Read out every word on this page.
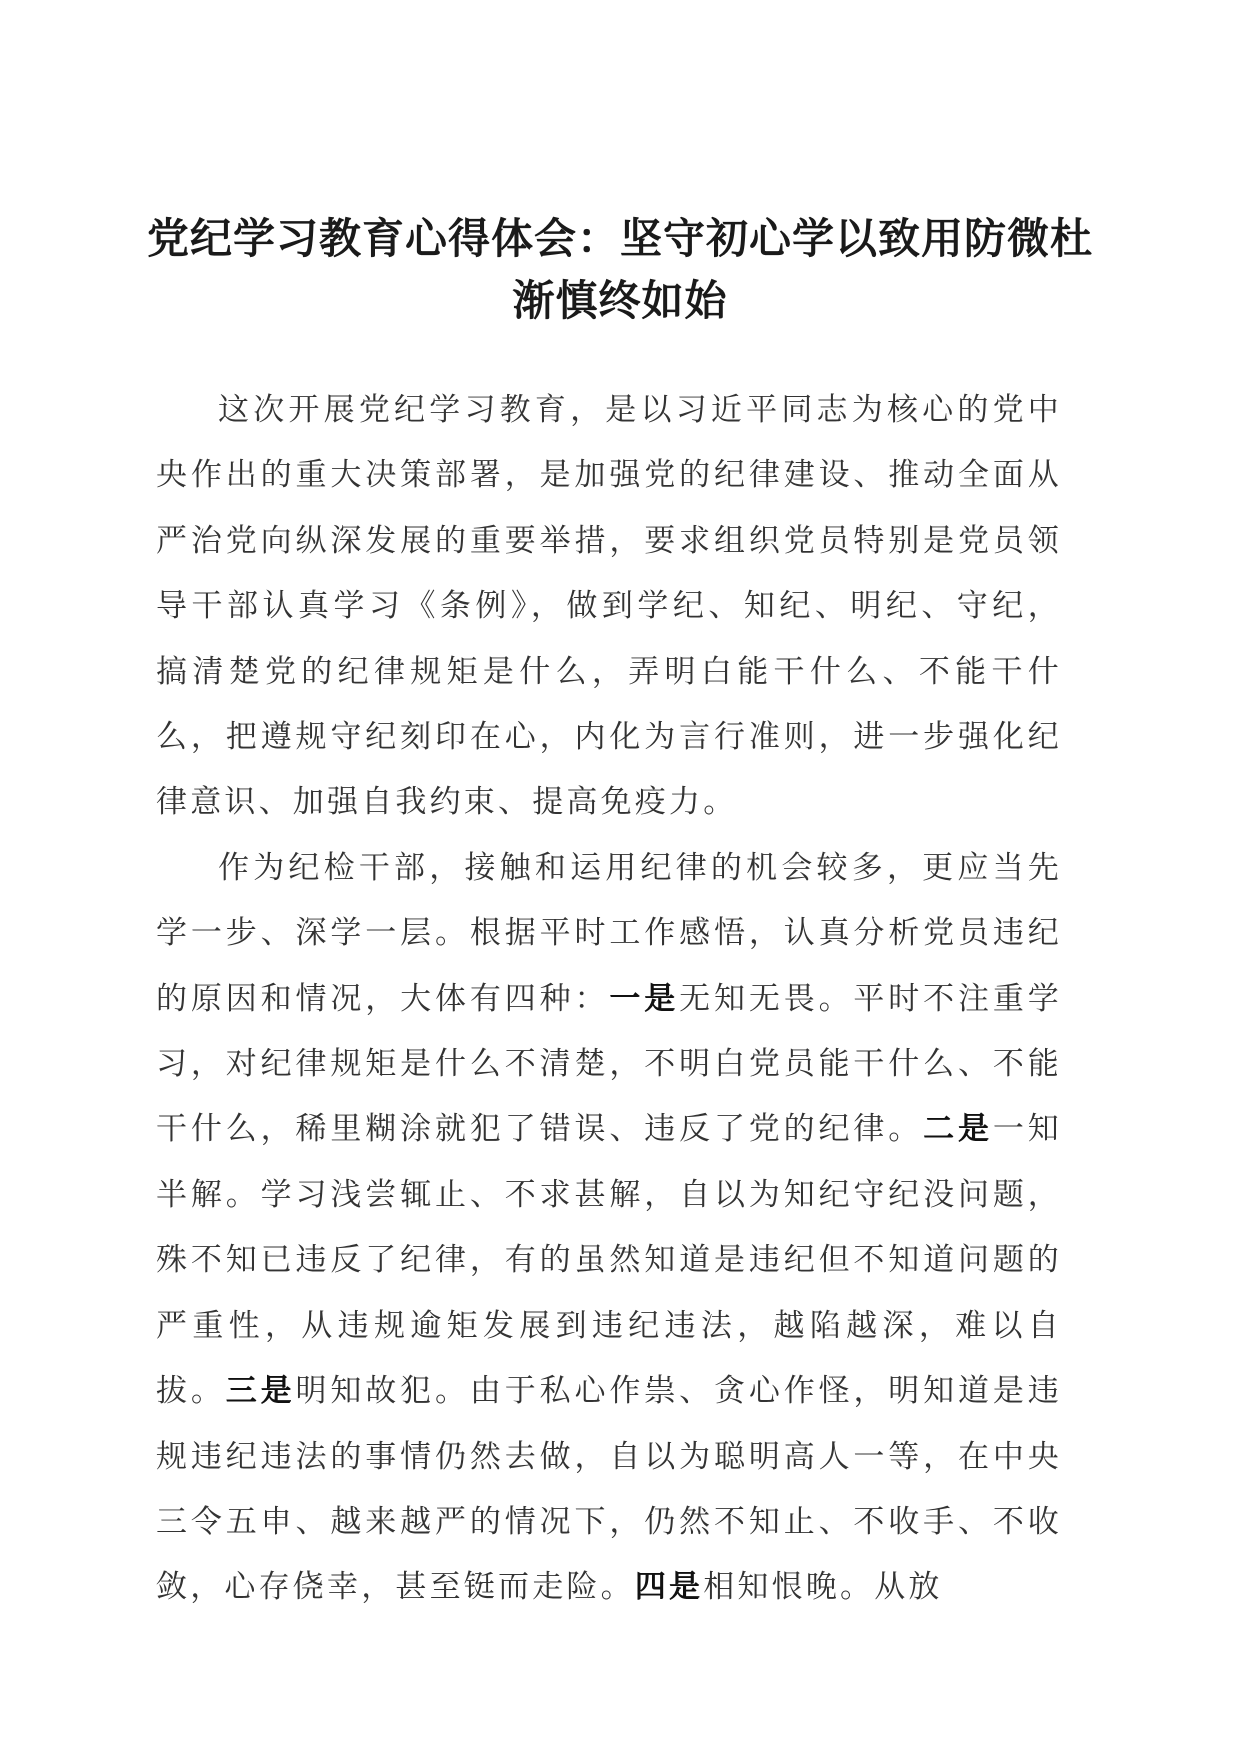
党纪学习教育心得体会：坚守初心学以致用防微杜渐慎终如始

这次开展党纪学习教育，是以习近平同志为核心的党中央作出的重大决策部署，是加强党的纪律建设、推动全面从严治党向纵深发展的重要举措，要求组织党员特别是党员领导干部认真学习《条例》，做到学纪、知纪、明纪、守纪，搞清楚党的纪律规矩是什么，弄明白能干什么、不能干什么，把遵规守纪刻印在心，内化为言行准则，进一步强化纪律意识、加强自我约束、提高免疫力。

作为纪检干部，接触和运用纪律的机会较多，更应当先学一步、深学一层。根据平时工作感悟，认真分析党员违纪的原因和情况，大体有四种：一是无知无畏。平时不注重学习，对纪律规矩是什么不清楚，不明白党员能干什么、不能干什么，稀里糊涂就犯了错误、违反了党的纪律。二是一知半解。学习浅尝辄止、不求甚解，自以为知纪守纪没问题，殊不知已违反了纪律，有的虽然知道是违纪但不知道问题的严重性，从违规逾矩发展到违纪违法，越陷越深，难以自拔。三是明知故犯。由于私心作祟、贪心作怪，明知道是违规违纪违法的事情仍然去做，自以为聪明高人一等，在中央三令五申、越来越严的情况下，仍然不知止、不收手、不收敛，心存侥幸，甚至铤而走险。四是相知恨晚。从放
